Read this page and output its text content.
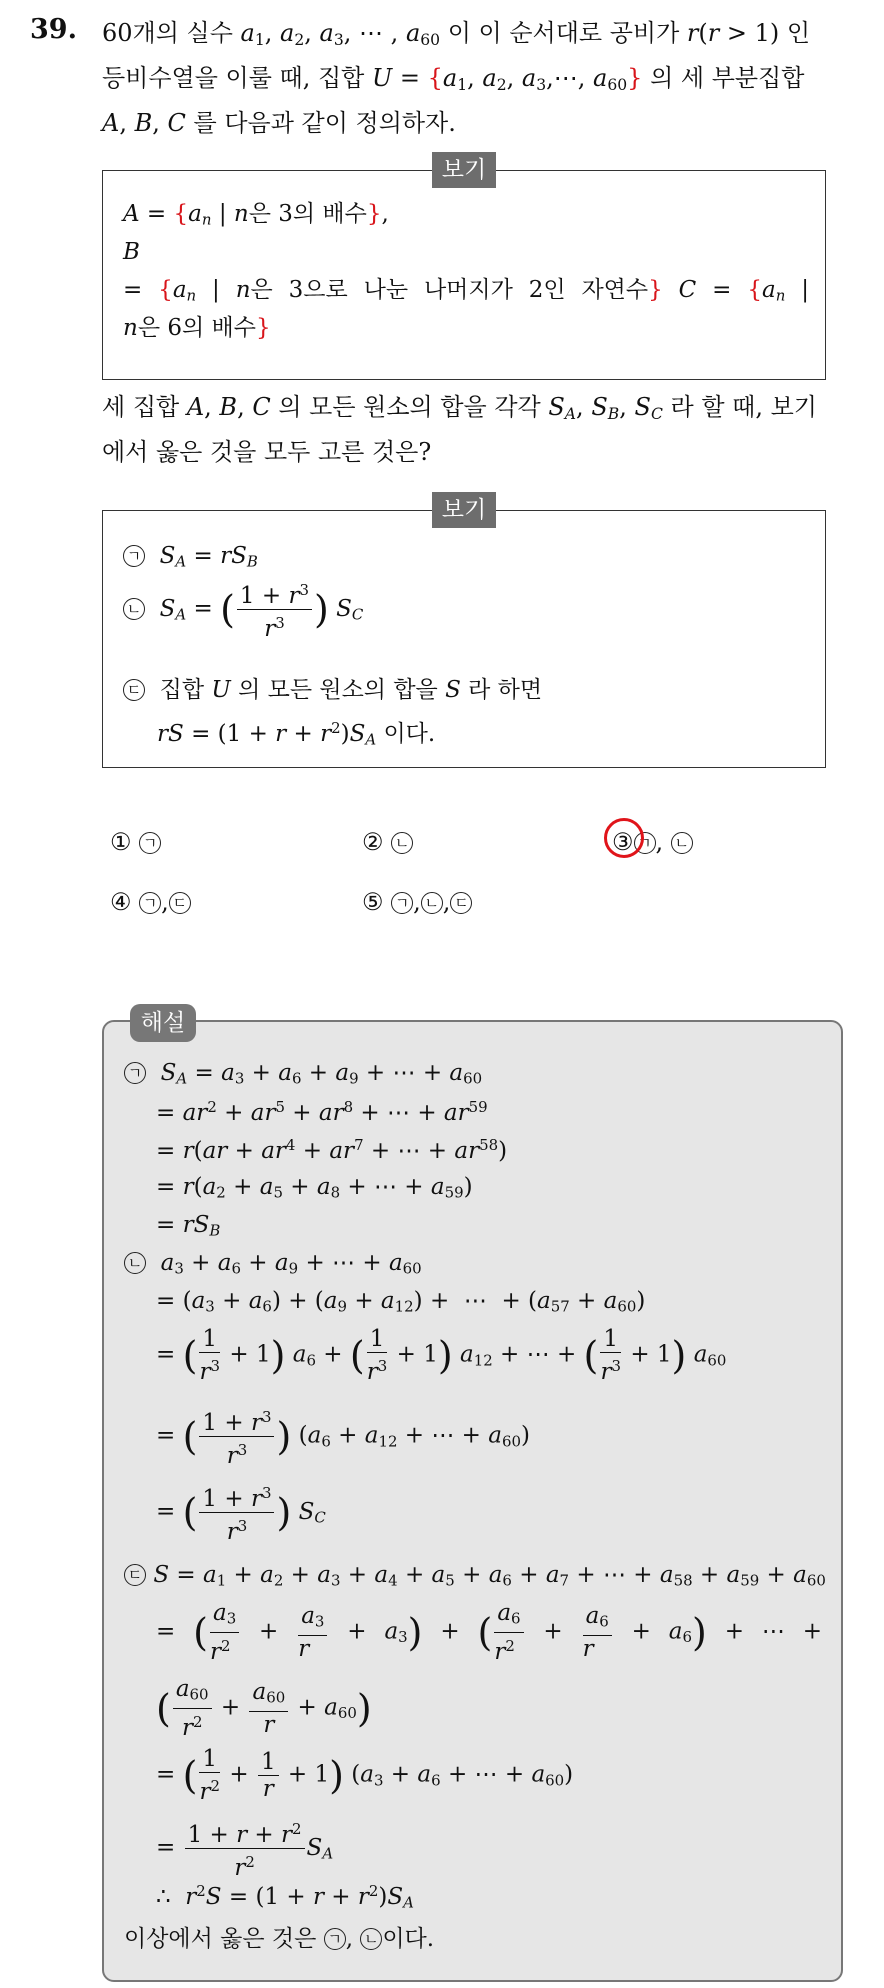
39. 60개의 실수 $a_1$, $a_2$, $a_3$, ⋯ , $a_{60}$ 이 이 순서대로 공비가 r(r > 1) 인
등비수열을 이룰 때, 집합 $U = \{a_1$, $a_2$, $a_3,\cdots$, $a_{60}$} 의 세 부분집합
A, B, C 를 다음과 같이 정의하자.
$A = \{a_n$ | n은 3의 배수},
B
= {$a_n$ | n은 3으로 나눈 나머지가 2인 자연수} $C = \{a_n$ |
n은 6의 배수}
보기
세 집합 A, B, C 의 모든 원소의 합을 각각 $S_A$, $S_B$, $S_C$ 라 할 때, 보기
에서 옳은 것을 모두 고른 것은?
ㄱ $S_A = rS_B$
ㄴ $S_A$ = ( $\frac{1 + r^3}{r^3}$ ) $S_C$
ㄷ  집합 U 의 모든 원소의 합을 S 라 하면
rS = $(1 + r + r^2)S_A$ 이다.
보기
① ㄱ	② ㄴ	③ ㄱ , ㄴ
④ ㄱ , ㄷ	⑤ ㄱ , ㄴ , ㄷ
해설
ㄱ $S_A = a_3 + a_6 + a_9$ + ⋯ + $a_{60}$
= $ar^2 + ar^5 + ar^8$ + ⋯ + $ar^{59}$
= $r(ar + ar^4 + ar^7$ + ⋯ + $ar^{58}$)
= $r(a_2 + a_5 + a_8$ + ⋯ + $a_{59}$)
= $rS_B$
ㄴ $a_3 + a_6 + a_9$ + ⋯ + $a_{60}$
= $(a_3 + a_6) + (a_9 + a_{12})$ +  ⋯  + $(a_{57} + a_{60})$
= ( $\frac{1}{r^3} + 1$) $a_6$ + ( $\frac{1}{r^3} + 1$) $a_{12}$ + ⋯ + ( $\frac{1}{r^3} + 1$) $a_{60}$
= ( $\frac{1 + r^3}{r^3}$ ) ($a_6 + a_{12}$ + ⋯ + $a_{60}$)
= ( $\frac{1 + r^3}{r^3}$ ) $S_C$
ㄷ $S = a_1 + a_2 + a_3 + a_4 + a_5 + a_6 + a_7$ + ⋯ + $a_{58} + a_{59} + a_{60}$
= ( $\frac{a_3}{r^2} + \frac{a_3}{r} + a_3$) + ( $\frac{a_6}{r^2} + \frac{a_6}{r} + a_6$) + ⋯ +
( $\frac{a_{60}}{r^2} + \frac{a_{60}}{r} + a_{60}$)
= ( $\frac{1}{r^2} + \frac{1}{r} + 1$) ($a_3 + a_6$ + ⋯ + $a_{60}$)
= $\frac{1 + r + r^2}{r^2} S_A$
∴  $r^2S = (1 + r + r^2)S_A$
이상에서 옳은 것은 ㄱ , ㄴ 이다.
